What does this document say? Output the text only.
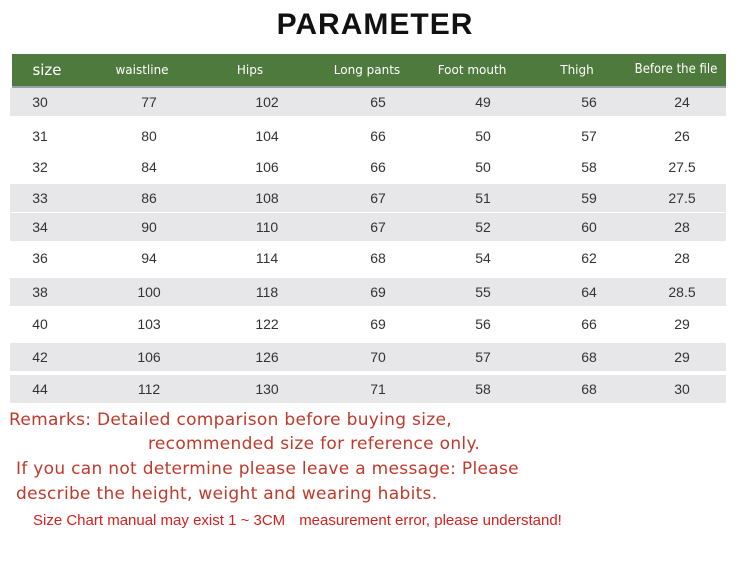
PARAMETER
size	waistline	Hips	Long pants	Foot mouth	Thigh	Before the file
30	77	102	65	49	56	24
31	80	104	66	50	57	26
32	84	106	66	50	58	27.5
33	86	108	67	51	59	27.5
34	90	110	67	52	60	28
36	94	114	68	54	62	28
38	100	118	69	55	64	28.5
40	103	122	69	56	66	29
42	106	126	70	57	68	29
44	112	130	71	58	68	30
Remarks: Detailed comparison before buying size,
recommended size for reference only.
If you can not determine please leave a message: Please
describe the height, weight and wearing habits.
Size Chart manual may exist 1 ~ 3CM measurement error, please understand!
